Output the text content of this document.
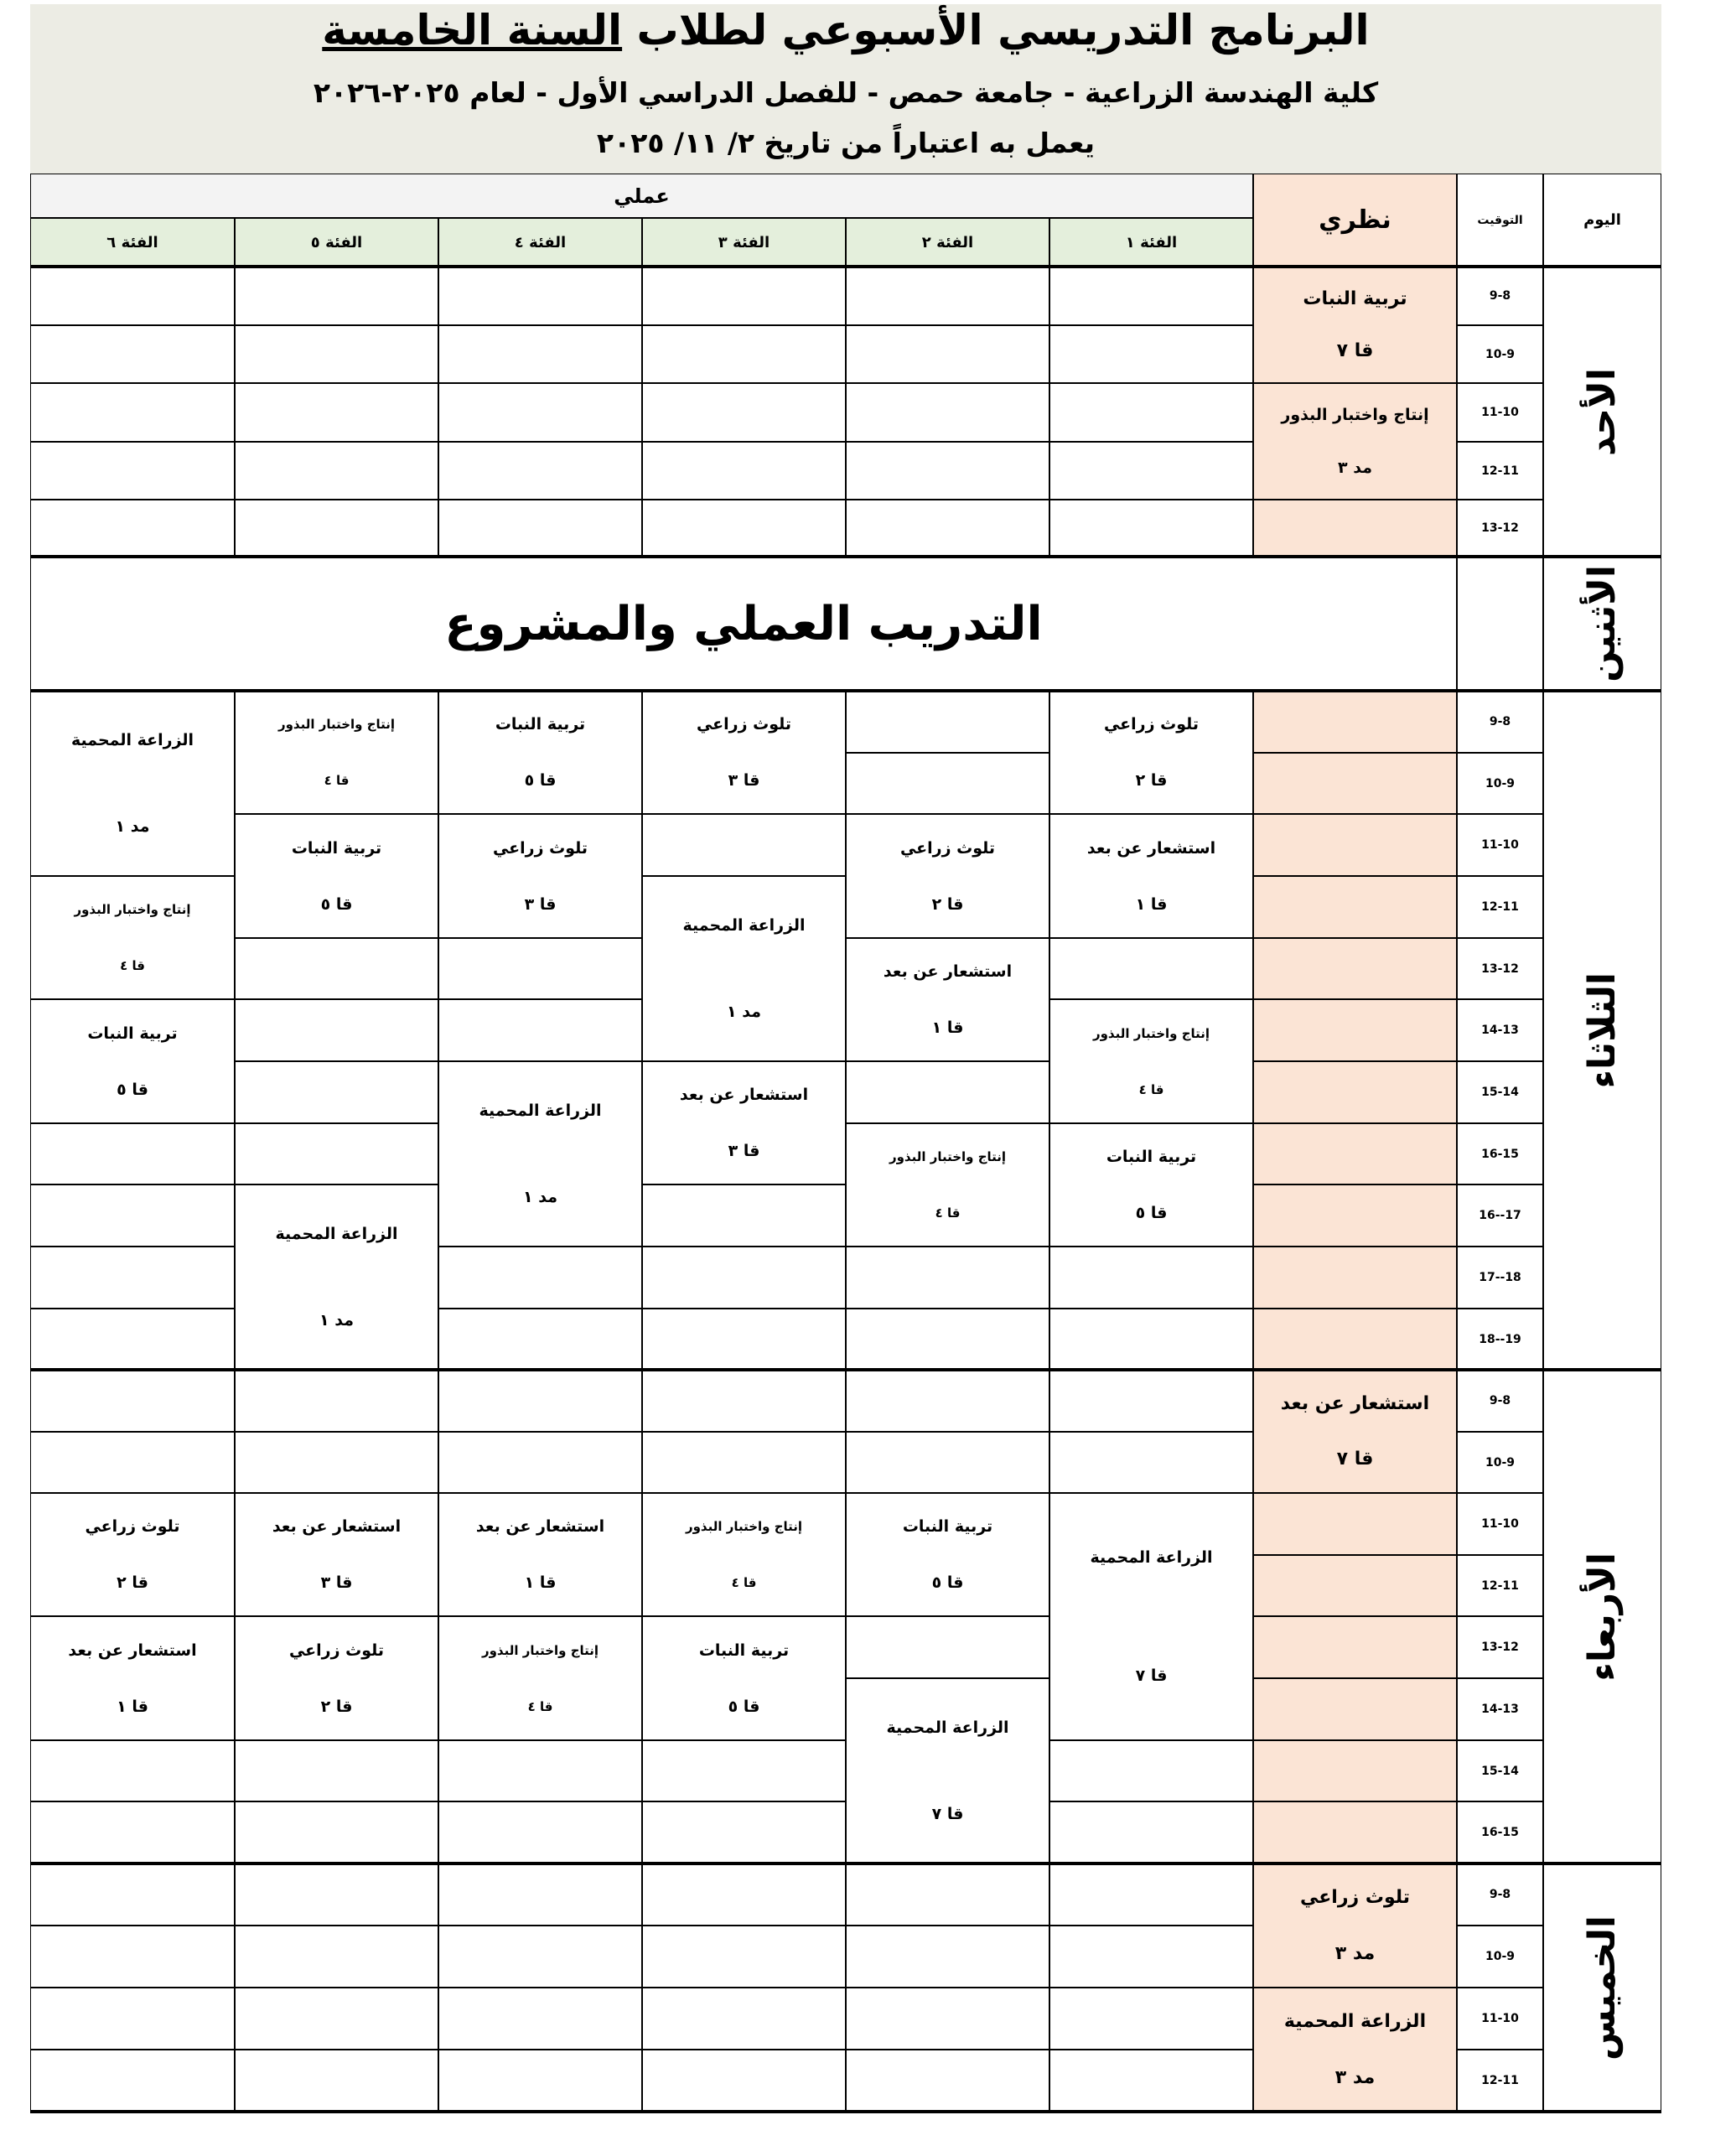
البرنامج التدريسي الأسبوعي لطلاب السنة الخامسة
كلية الهندسة الزراعية - جامعة حمص - للفصل الدراسي الأول - لعام ٢٠٢٥-٢٠٢٦
يعمل به اعتباراً من تاريخ ٢/ ١١/ ٢٠٢٥
اليوم
التوقيت
نظري
عملي
الفئة ١
الفئة ٢
الفئة ٣
الفئة ٤
الفئة ٥
الفئة ٦
الأحد
9-8
10-9
11-10
12-11
13-12
تربية النبات
قا ٧
إنتاج واختبار البذور
مد ٣
الأثنين
التدريب العملي والمشروع
الثلاثاء
9-8
10-9
11-10
12-11
13-12
14-13
15-14
16-15
17--16
18--17
19--18
تلوث زراعي
قا ٢
استشعار عن بعد
قا ١
إنتاج واختبار البذور
قا ٤
تربية النبات
قا ٥
تلوث زراعي
قا ٢
استشعار عن بعد
قا ١
إنتاج واختبار البذور
قا ٤
تلوث زراعي
قا ٣
الزراعة المحمية
مد ١
استشعار عن بعد
قا ٣
تربية النبات
قا ٥
تلوث زراعي
قا ٣
الزراعة المحمية
مد ١
إنتاج واختبار البذور
قا ٤
تربية النبات
قا ٥
الزراعة المحمية
مد ١
الزراعة المحمية
مد ١
إنتاج واختبار البذور
قا ٤
تربية النبات
قا ٥
الأربعاء
9-8
10-9
11-10
12-11
13-12
14-13
15-14
16-15
استشعار عن بعد
قا ٧
الزراعة المحمية
قا ٧
تربية النبات
قا ٥
الزراعة المحمية
قا ٧
إنتاج واختبار البذور
قا ٤
تربية النبات
قا ٥
استشعار عن بعد
قا ١
إنتاج واختبار البذور
قا ٤
استشعار عن بعد
قا ٣
تلوث زراعي
قا ٢
تلوث زراعي
قا ٢
استشعار عن بعد
قا ١
الخميس
9-8
10-9
11-10
12-11
تلوث زراعي
مد ٣
الزراعة المحمية
مد ٣
